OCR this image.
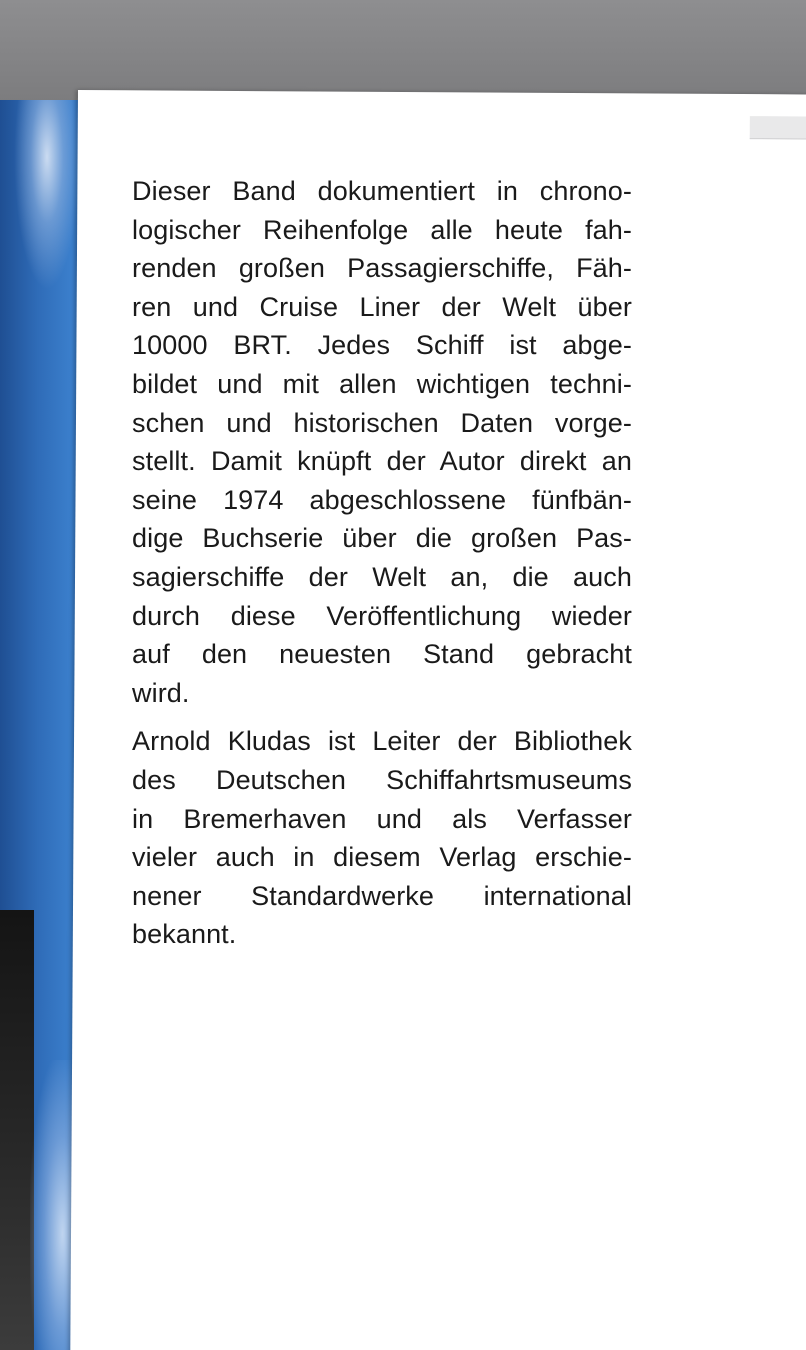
Dieser Band dokumentiert in chrono-
logischer Reihenfolge alle heute fah-
renden großen Passagierschiffe, Fäh-
ren und Cruise Liner der Welt über
10000 BRT. Jedes Schiff ist abge-
bildet und mit allen wichtigen techni-
schen und historischen Daten vorge-
stellt. Damit knüpft der Autor direkt an
seine 1974 abgeschlossene fünfbän-
dige Buchserie über die großen Pas-
sagierschiffe der Welt an, die auch
durch diese Veröffentlichung wieder
auf den neuesten Stand gebracht
wird.

Arnold Kludas ist Leiter der Bibliothek
des Deutschen Schiffahrtsmuseums
in Bremerhaven und als Verfasser
vieler auch in diesem Verlag erschie-
nener Standardwerke international
bekannt.
